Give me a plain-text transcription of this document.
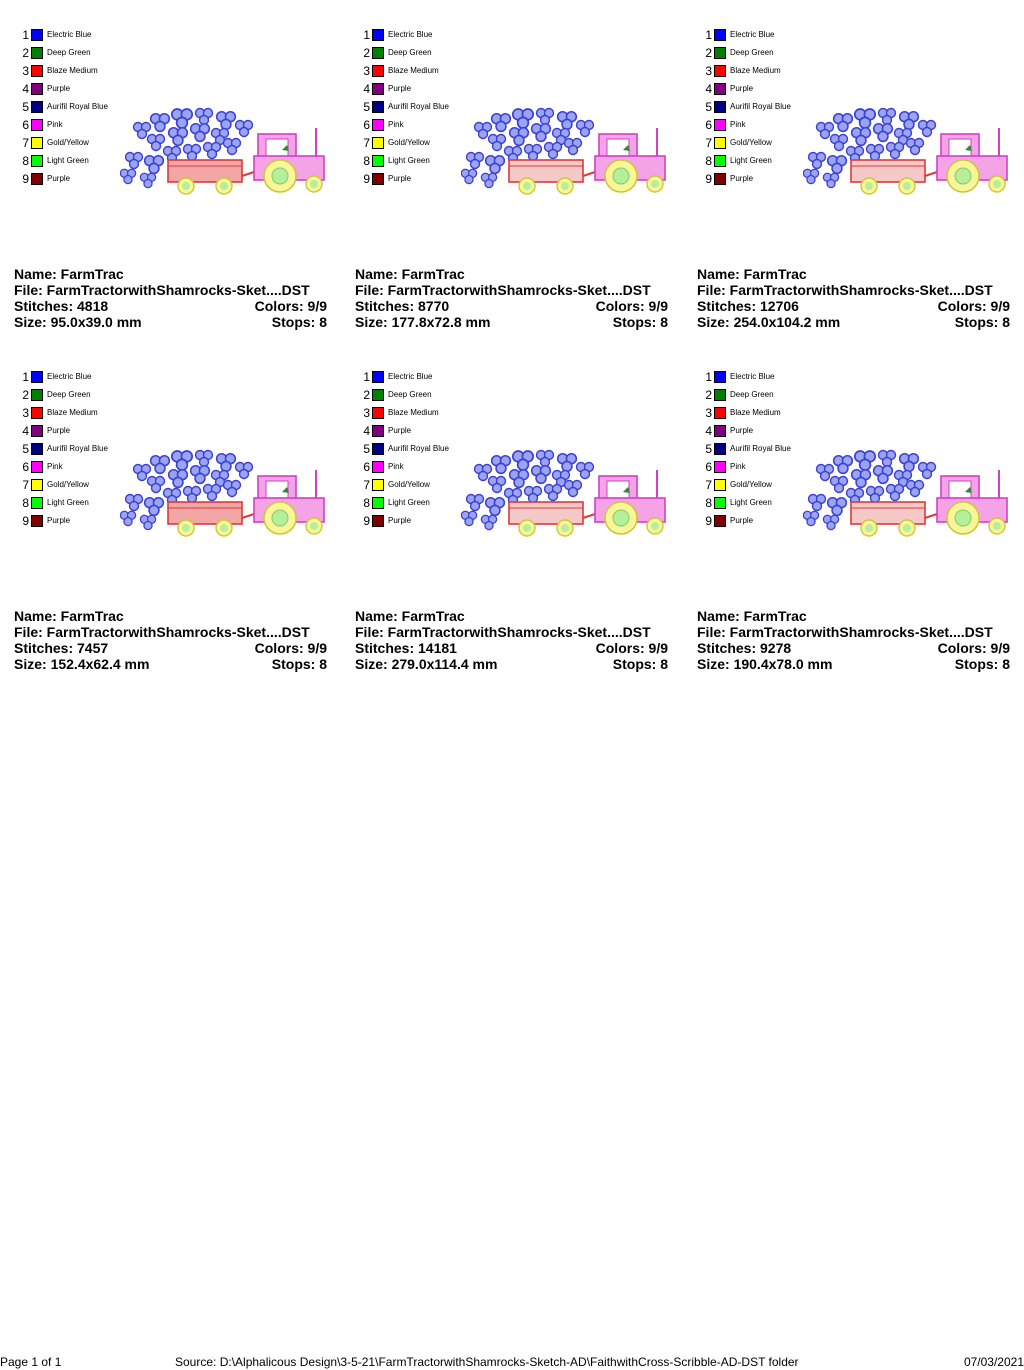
1 Electric Blue
2 Deep Green
3 Blaze Medium
4 Purple
5 Aurifil Royal Blue
6 Pink
7 Gold/Yellow
8 Light Green
9 Purple
Name: FarmTrac
File: FarmTractorwithShamrocks-Sket....DST
Stitches: 4818	Colors: 9/9
Size: 95.0x39.0 mm	Stops: 8
1 Electric Blue
2 Deep Green
3 Blaze Medium
4 Purple
5 Aurifil Royal Blue
6 Pink
7 Gold/Yellow
8 Light Green
9 Purple
Name: FarmTrac
File: FarmTractorwithShamrocks-Sket....DST
Stitches: 8770	Colors: 9/9
Size: 177.8x72.8 mm	Stops: 8
1 Electric Blue
2 Deep Green
3 Blaze Medium
4 Purple
5 Aurifil Royal Blue
6 Pink
7 Gold/Yellow
8 Light Green
9 Purple
Name: FarmTrac
File: FarmTractorwithShamrocks-Sket....DST
Stitches: 12706	Colors: 9/9
Size: 254.0x104.2 mm	Stops: 8
1 Electric Blue
2 Deep Green
3 Blaze Medium
4 Purple
5 Aurifil Royal Blue
6 Pink
7 Gold/Yellow
8 Light Green
9 Purple
Name: FarmTrac
File: FarmTractorwithShamrocks-Sket....DST
Stitches: 7457	Colors: 9/9
Size: 152.4x62.4 mm	Stops: 8
1 Electric Blue
2 Deep Green
3 Blaze Medium
4 Purple
5 Aurifil Royal Blue
6 Pink
7 Gold/Yellow
8 Light Green
9 Purple
Name: FarmTrac
File: FarmTractorwithShamrocks-Sket....DST
Stitches: 14181	Colors: 9/9
Size: 279.0x114.4 mm	Stops: 8
1 Electric Blue
2 Deep Green
3 Blaze Medium
4 Purple
5 Aurifil Royal Blue
6 Pink
7 Gold/Yellow
8 Light Green
9 Purple
Name: FarmTrac
File: FarmTractorwithShamrocks-Sket....DST
Stitches: 9278	Colors: 9/9
Size: 190.4x78.0 mm	Stops: 8
Page 1 of 1	Source: D:\Alphalicous Design\3-5-21\FarmTractorwithShamrocks-Sketch-AD\FaithwithCross-Scribble-AD-DST folder	07/03/2021
